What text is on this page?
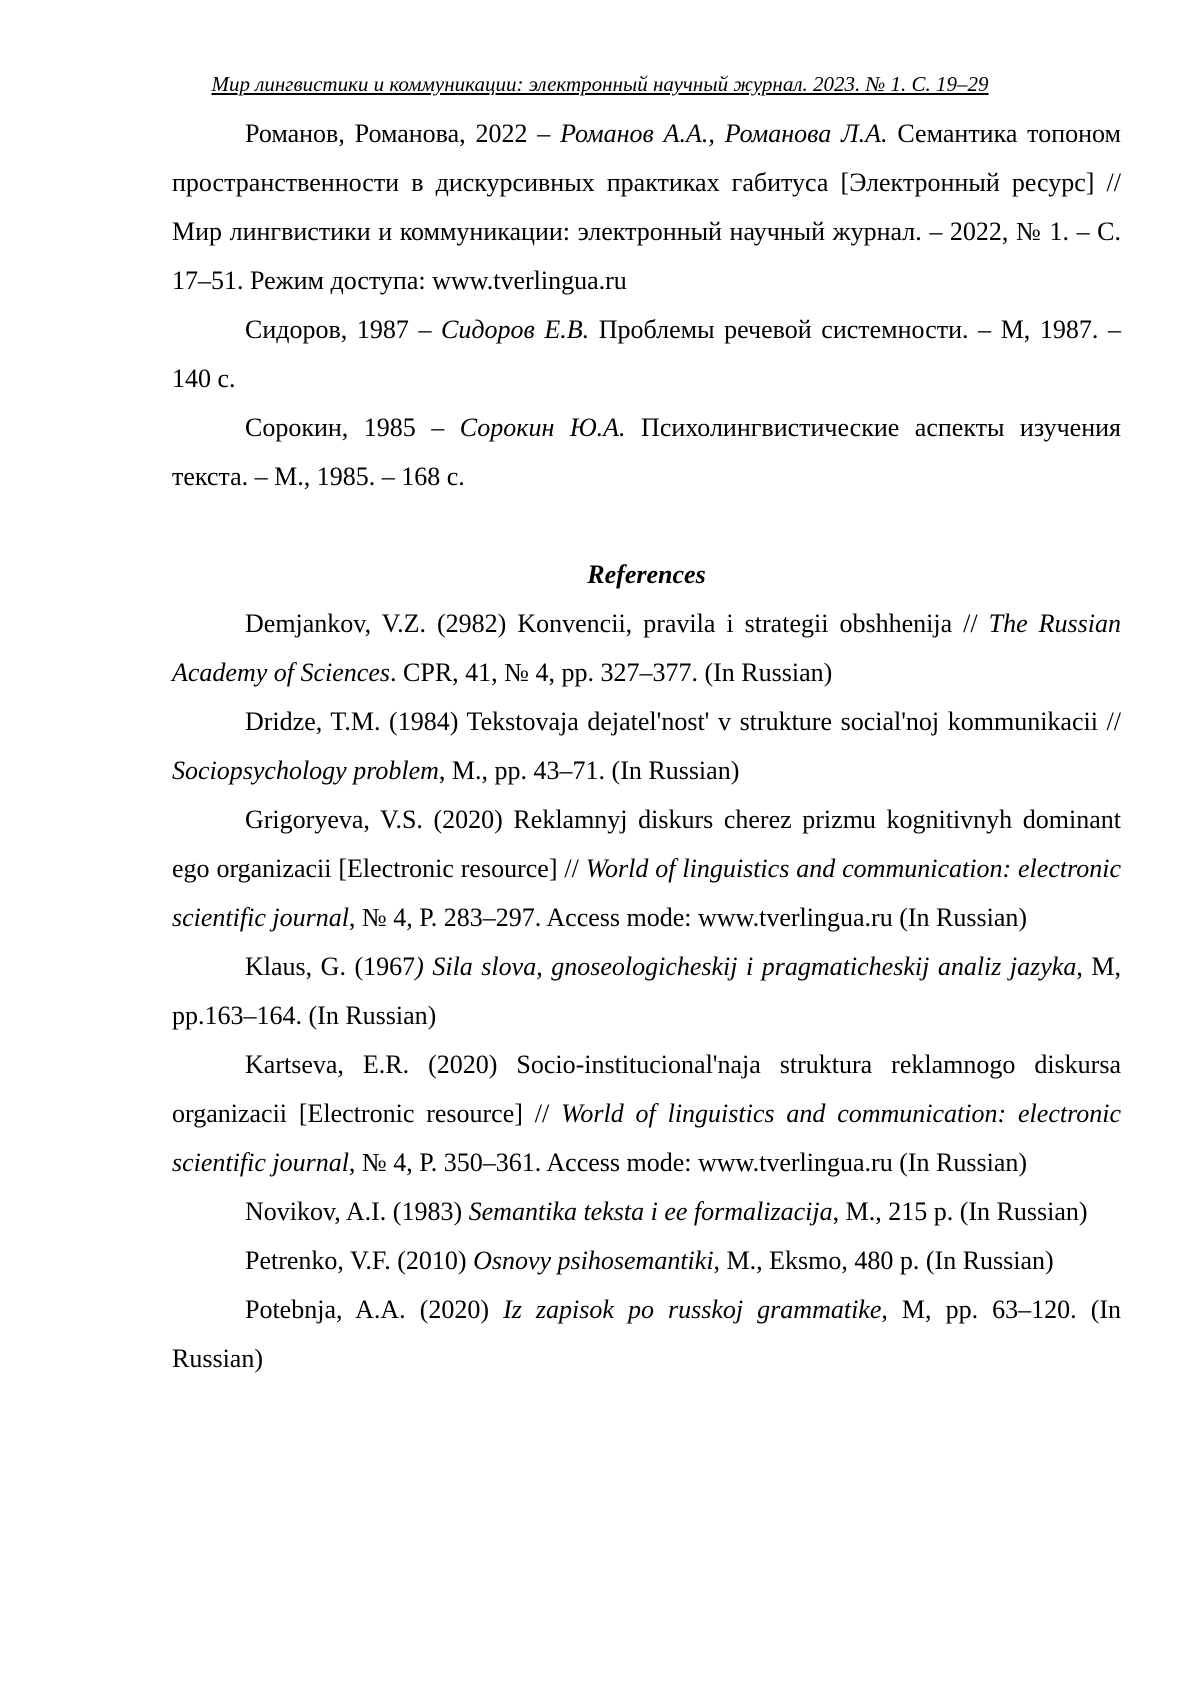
Мир лингвистики и коммуникации: электронный научный журнал. 2023. № 1. С. 19–29

Романов, Романова, 2022 – Романов А.А., Романова Л.А. Семантика топоном пространственности в дискурсивных практиках габитуса [Электронный ресурс] // Мир лингвистики и коммуникации: электронный научный журнал. – 2022, № 1. – С. 17–51. Режим доступа: www.tverlingua.ru

Сидоров, 1987 – Сидоров Е.В. Проблемы речевой системности. – М, 1987. – 140 с.

Сорокин, 1985 – Сорокин Ю.А. Психолингвистические аспекты изучения текста. – М., 1985. – 168 с.

References

Demjankov, V.Z. (2982) Konvencii, pravila i strategii obshhenija // The Russian Academy of Sciences. CPR, 41, № 4, pp. 327‒377. (In Russian)

Dridze, T.M. (1984) Tekstovaja dejatel'nost' v strukture social'noj kommunikacii // Sociopsychology problem, M., pp. 43–71. (In Russian)

Grigoryeva, V.S. (2020) Reklamnyj diskurs cherez prizmu kognitivnyh dominant ego organizacii [Electronic resource] // World of linguistics and communication: electronic scientific journal, № 4, P. 283‒297. Access mode: www.tverlingua.ru (In Russian)

Klaus, G. (1967) Sila slova, gnoseologicheskij i pragmaticheskij analiz jazyka, M, pp.163–164. (In Russian)

Kartseva, E.R. (2020) Socio-institucional'naja struktura reklamnogo diskursa organizacii [Electronic resource] // World of linguistics and communication: electronic scientific journal, № 4, P. 350‒361. Access mode: www.tverlingua.ru (In Russian)

Novikov, A.I. (1983) Semantika teksta i ee formalizacija, M., 215 p. (In Russian)

Petrenko, V.F. (2010) Osnovy psihosemantiki, M., Eksmo, 480 p. (In Russian)

Potebnja, A.A. (2020) Iz zapisok po russkoj grammatike, M, pp. 63–120. (In Russian)
